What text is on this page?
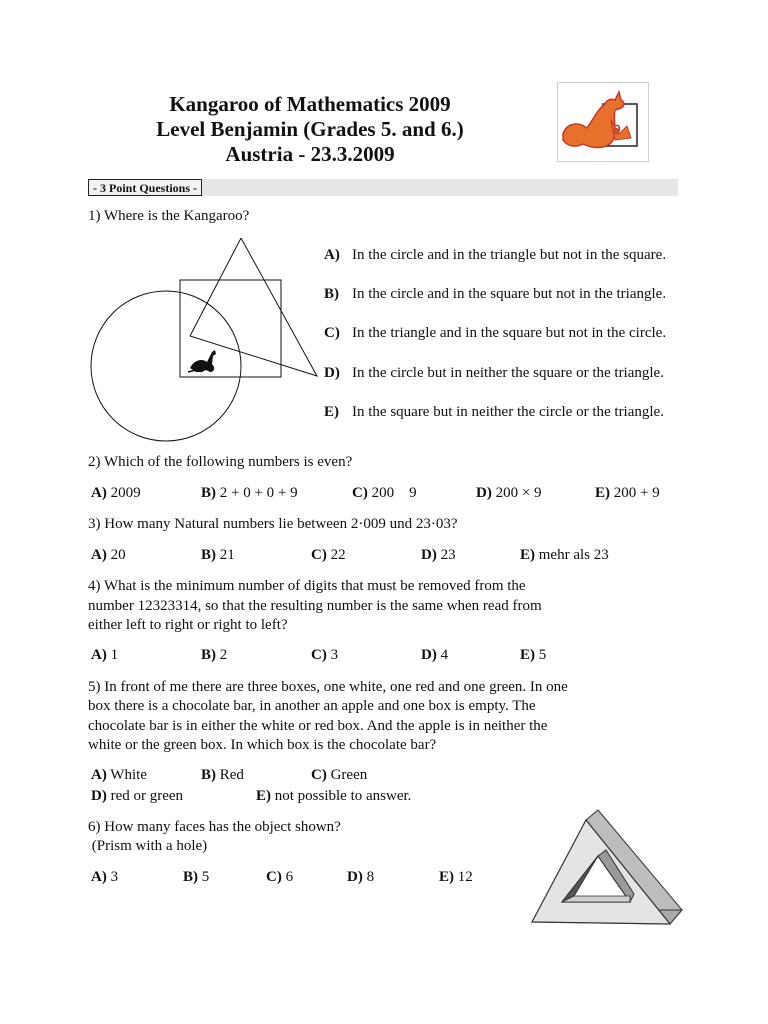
Kangaroo of Mathematics 2009
Level Benjamin (Grades 5. and 6.)
Austria - 23.3.2009
∂
- 3 Point Questions -
1) Where is the Kangaroo?
A) In the circle and in the triangle but not in the square.
B) In the circle and in the square but not in the triangle.
C) In the triangle and in the square but not in the circle.
D) In the circle but in neither the square or the triangle.
E) In the square but in neither the circle or the triangle.
2) Which of the following numbers is even?
A) 2009	B) 2 + 0 + 0 + 9	C) 200    9	D) 200 × 9	E) 200 + 9
3) How many Natural numbers lie between 2·009 und 23·03?
A) 20	B) 21	C) 22	D) 23	E) mehr als 23
4) What is the minimum number of digits that must be removed from the
number 12323314, so that the resulting number is the same when read from
either left to right or right to left?
A) 1	B) 2	C) 3	D) 4	E) 5
5) In front of me there are three boxes, one white, one red and one green. In one
box there is a chocolate bar, in another an apple and one box is empty. The
chocolate bar is in either the white or red box. And the apple is in neither the
white or the green box. In which box is the chocolate bar?
A) White	B) Red	C) Green
D) red or green	E) not possible to answer.
6) How many faces has the object shown?
(Prism with a hole)
A) 3	B) 5	C) 6	D) 8	E) 12
